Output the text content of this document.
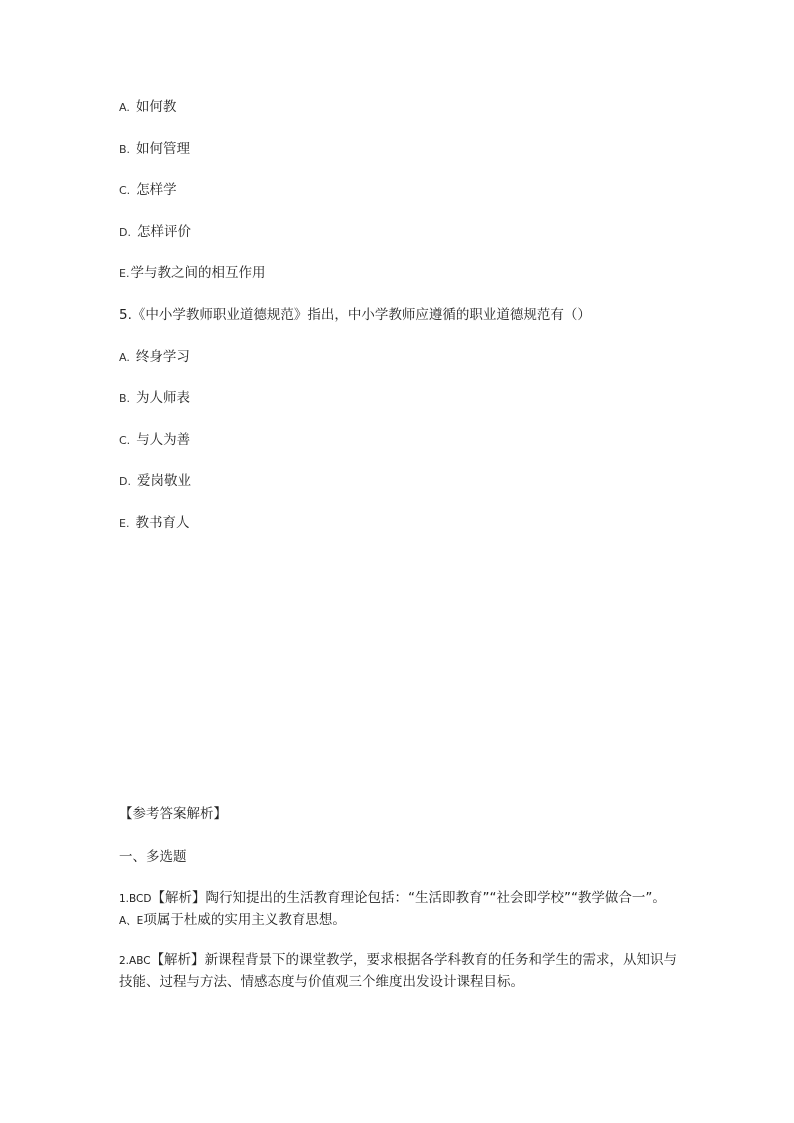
A. 如何教
B. 如何管理
C. 怎样学
D. 怎样评价
E.学与教之间的相互作用
5.《中小学教师职业道德规范》指出，中小学教师应遵循的职业道德规范有（）
A. 终身学习
B. 为人师表
C. 与人为善
D. 爱岗敬业
E. 教书育人
【参考答案解析】
一、多选题
1.BCD【解析】陶行知提出的生活教育理论包括：“生活即教育”“社会即学校”“教学做合一”。A、E项属于杜威的实用主义教育思想。
2.ABC【解析】新课程背景下的课堂教学，要求根据各学科教育的任务和学生的需求，从知识与技能、过程与方法、情感态度与价值观三个维度出发设计课程目标。
